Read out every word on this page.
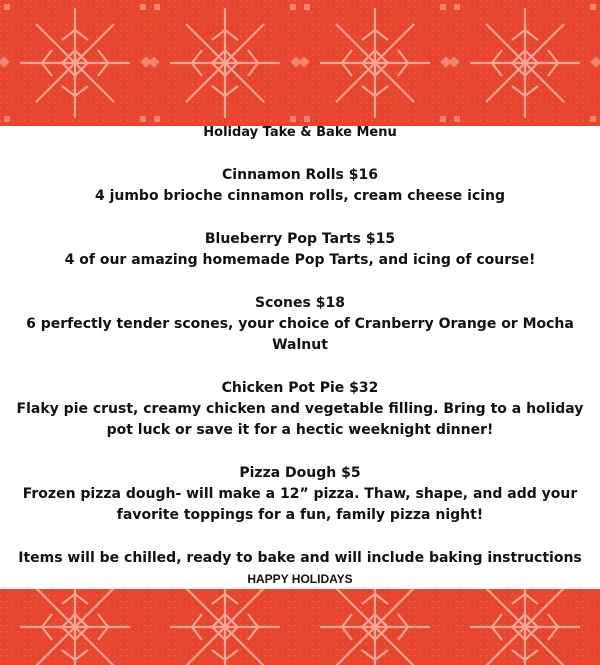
Holiday Take & Bake Menu
Cinnamon Rolls $16
4 jumbo brioche cinnamon rolls, cream cheese icing
Blueberry Pop Tarts $15
4 of our amazing homemade Pop Tarts, and icing of course!
Scones $18
6 perfectly tender scones, your choice of Cranberry Orange or Mocha Walnut
Chicken Pot Pie $32
Flaky pie crust, creamy chicken and vegetable filling. Bring to a holiday pot luck or save it for a hectic weeknight dinner!
Pizza Dough $5
Frozen pizza dough- will make a 12” pizza. Thaw, shape, and add your favorite toppings for a fun, family pizza night!
Items will be chilled, ready to bake and will include baking instructions
HAPPY HOLIDAYS
